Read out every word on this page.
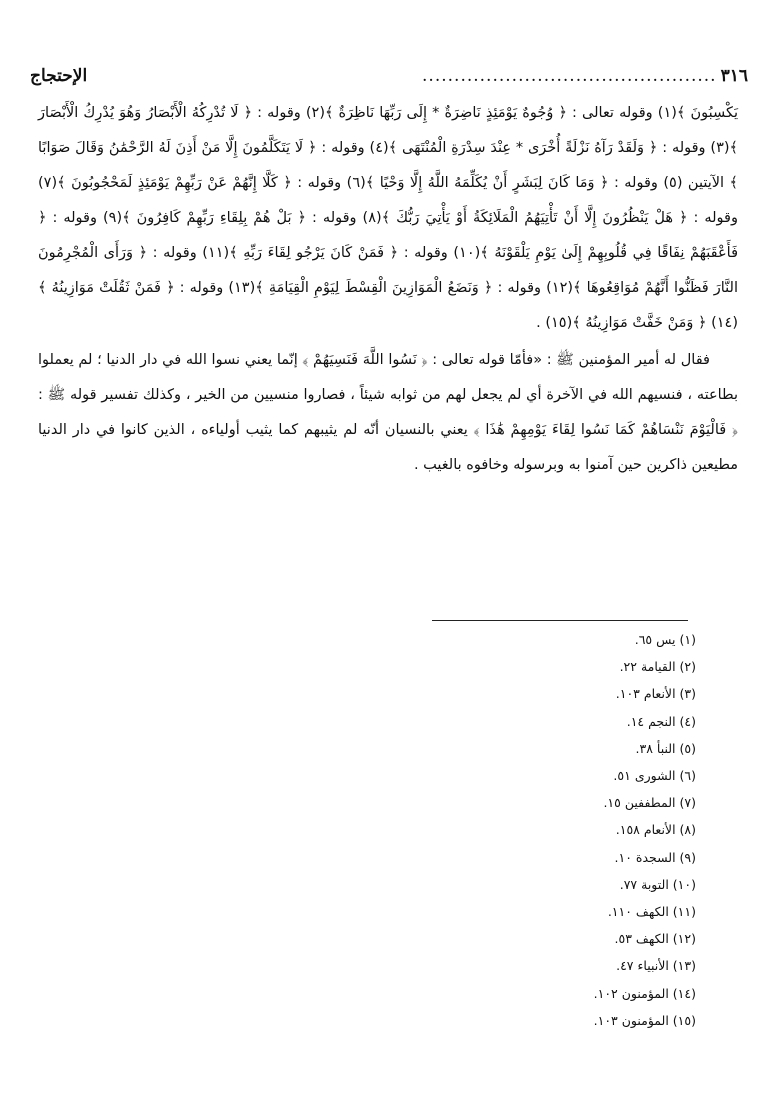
٣١٦
..............................................
الإحتجاج

يَكْسِبُونَ ﴾(١) وقوله تعالى : ﴿ وُجُوهٌ يَوْمَئِذٍ نَاضِرَةٌ * إِلَى رَبِّهَا نَاظِرَةٌ ﴾(٢) وقوله : ﴿ لَا تُدْرِكُهُ الْأَبْصَارُ وَهُوَ يُدْرِكُ الْأَبْصَارَ ﴾(٣) وقوله : ﴿ وَلَقَدْ رَآهُ نَزْلَةً أُخْرَى * عِنْدَ سِدْرَةِ الْمُنْتَهَى ﴾(٤) وقوله : ﴿ لَا يَتَكَلَّمُونَ إِلَّا مَنْ أَذِنَ لَهُ الرَّحْمَٰنُ وَقَالَ صَوَابًا ﴾ الآيتين (٥) وقوله : ﴿ وَمَا كَانَ لِبَشَرٍ أَنْ يُكَلِّمَهُ اللَّهُ إِلَّا وَحْيًا ﴾(٦) وقوله : ﴿ كَلَّا إِنَّهُمْ عَنْ رَبِّهِمْ يَوْمَئِذٍ لَمَحْجُوبُونَ ﴾(٧) وقوله : ﴿ هَلْ يَنْظُرُونَ إِلَّا أَنْ تَأْتِيَهُمُ الْمَلَائِكَةُ أَوْ يَأْتِيَ رَبُّكَ ﴾(٨) وقوله : ﴿ بَلْ هُمْ بِلِقَاءِ رَبِّهِمْ كَافِرُونَ ﴾(٩) وقوله : ﴿ فَأَعْقَبَهُمْ نِفَاقًا فِي قُلُوبِهِمْ إِلَىٰ يَوْمِ يَلْقَوْنَهُ ﴾(١٠) وقوله : ﴿ فَمَنْ كَانَ يَرْجُو لِقَاءَ رَبِّهِ ﴾(١١) وقوله : ﴿ وَرَأَى الْمُجْرِمُونَ النَّارَ فَظَنُّوا أَنَّهُمْ مُوَاقِعُوهَا ﴾(١٢) وقوله : ﴿ وَنَضَعُ الْمَوَازِينَ الْقِسْطَ لِيَوْمِ الْقِيَامَةِ ﴾(١٣) وقوله : ﴿ فَمَنْ ثَقُلَتْ مَوَازِينُهُ ﴾(١٤) ﴿ وَمَنْ خَفَّتْ مَوَازِينُهُ ﴾(١٥) .

فقال له أمير المؤمنين ﷺ : «فأمّا قوله تعالى : ﴿ نَسُوا اللَّهَ فَنَسِيَهُمْ ﴾ إنّما يعني نسوا الله في دار الدنيا ؛ لم يعملوا بطاعته ، فنسيهم الله في الآخرة أي لم يجعل لهم من ثوابه شيئاً ، فصاروا منسيين من الخير ، وكذلك تفسير قوله ﷺ : ﴿ فَالْيَوْمَ نَنْسَاهُمْ كَمَا نَسُوا لِقَاءَ يَوْمِهِمْ هَٰذَا ﴾ يعني بالنسيان أنّه لم يثيبهم كما يثيب أولياءه ، الذين كانوا في دار الدنيا مطيعين ذاكرين حين آمنوا به وبرسوله وخافوه بالغيب .

(١) يس ٦٥.
(٢) القيامة ٢٢.
(٣) الأنعام ١٠٣.
(٤) النجم ١٤.
(٥) النبأ ٣٨.
(٦) الشورى ٥١.
(٧) المطففين ١٥.
(٨) الأنعام ١٥٨.
(٩) السجدة ١٠.
(١٠) التوبة ٧٧.
(١١) الكهف ١١٠.
(١٢) الكهف ٥٣.
(١٣) الأنبياء ٤٧.
(١٤) المؤمنون ١٠٢.
(١٥) المؤمنون ١٠٣.
